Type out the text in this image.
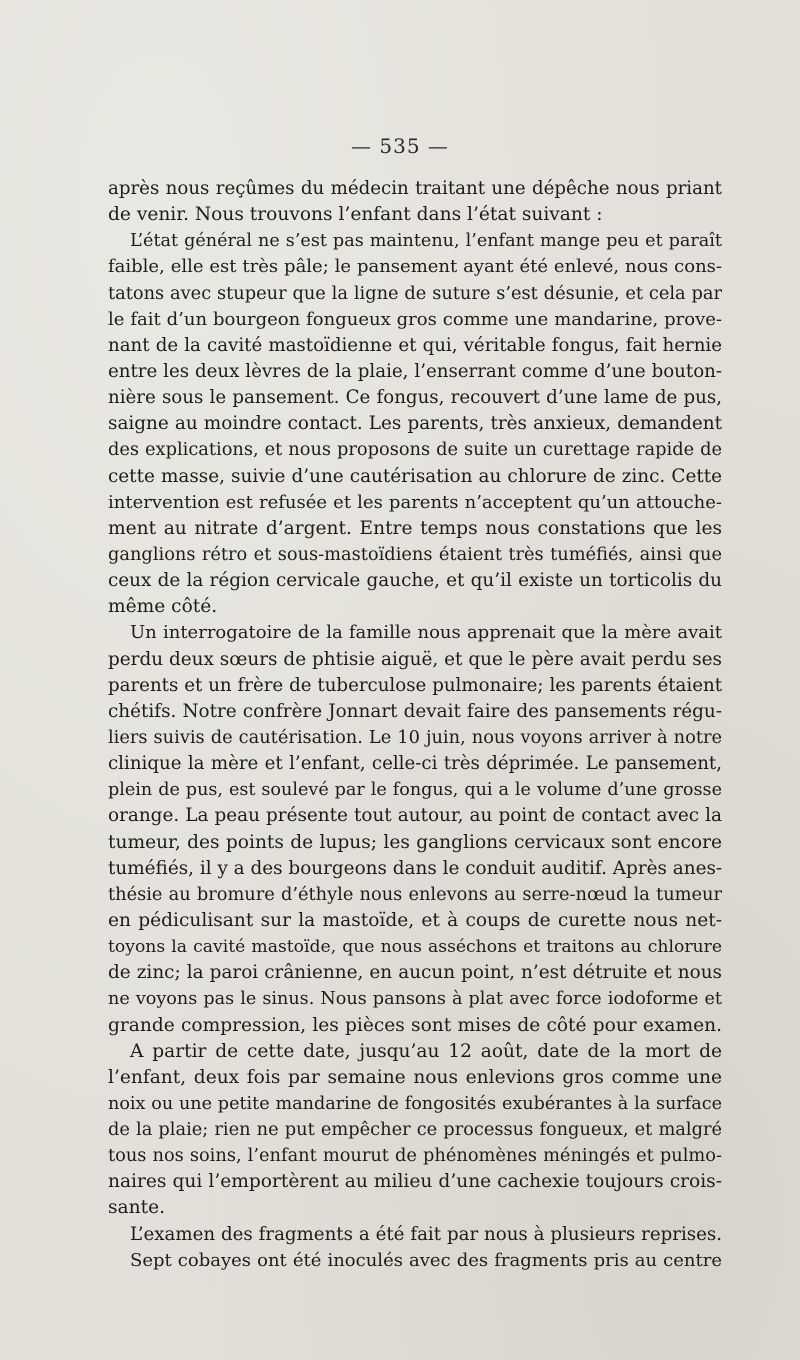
— 535 —
après nous reçûmes du médecin traitant une dépêche nous priant
de venir. Nous trouvons l’enfant dans l’état suivant :
L’état général ne s’est pas maintenu, l’enfant mange peu et paraît
faible, elle est très pâle; le pansement ayant été enlevé, nous cons-
tatons avec stupeur que la ligne de suture s’est désunie, et cela par
le fait d’un bourgeon fongueux gros comme une mandarine, prove-
nant de la cavité mastoïdienne et qui, véritable fongus, fait hernie
entre les deux lèvres de la plaie, l’enserrant comme d’une bouton-
nière sous le pansement. Ce fongus, recouvert d’une lame de pus,
saigne au moindre contact. Les parents, très anxieux, demandent
des explications, et nous proposons de suite un curettage rapide de
cette masse, suivie d’une cautérisation au chlorure de zinc. Cette
intervention est refusée et les parents n’acceptent qu’un attouche-
ment au nitrate d’argent. Entre temps nous constations que les
ganglions rétro et sous-mastoïdiens étaient très tuméfiés, ainsi que
ceux de la région cervicale gauche, et qu’il existe un torticolis du
même côté.
Un interrogatoire de la famille nous apprenait que la mère avait
perdu deux sœurs de phtisie aiguë, et que le père avait perdu ses
parents et un frère de tuberculose pulmonaire; les parents étaient
chétifs. Notre confrère Jonnart devait faire des pansements régu-
liers suivis de cautérisation. Le 10 juin, nous voyons arriver à notre
clinique la mère et l’enfant, celle-ci très déprimée. Le pansement,
plein de pus, est soulevé par le fongus, qui a le volume d’une grosse
orange. La peau présente tout autour, au point de contact avec la
tumeur, des points de lupus; les ganglions cervicaux sont encore
tuméfiés, il y a des bourgeons dans le conduit auditif. Après anes-
thésie au bromure d’éthyle nous enlevons au serre-nœud la tumeur
en pédiculisant sur la mastoïde, et à coups de curette nous net-
toyons la cavité mastoïde, que nous asséchons et traitons au chlorure
de zinc; la paroi crânienne, en aucun point, n’est détruite et nous
ne voyons pas le sinus. Nous pansons à plat avec force iodoforme et
grande compression, les pièces sont mises de côté pour examen.
A partir de cette date, jusqu’au 12 août, date de la mort de
l’enfant, deux fois par semaine nous enlevions gros comme une
noix ou une petite mandarine de fongosités exubérantes à la surface
de la plaie; rien ne put empêcher ce processus fongueux, et malgré
tous nos soins, l’enfant mourut de phénomènes méningés et pulmo-
naires qui l’emportèrent au milieu d’une cachexie toujours crois-
sante.
L’examen des fragments a été fait par nous à plusieurs reprises.
Sept cobayes ont été inoculés avec des fragments pris au centre
